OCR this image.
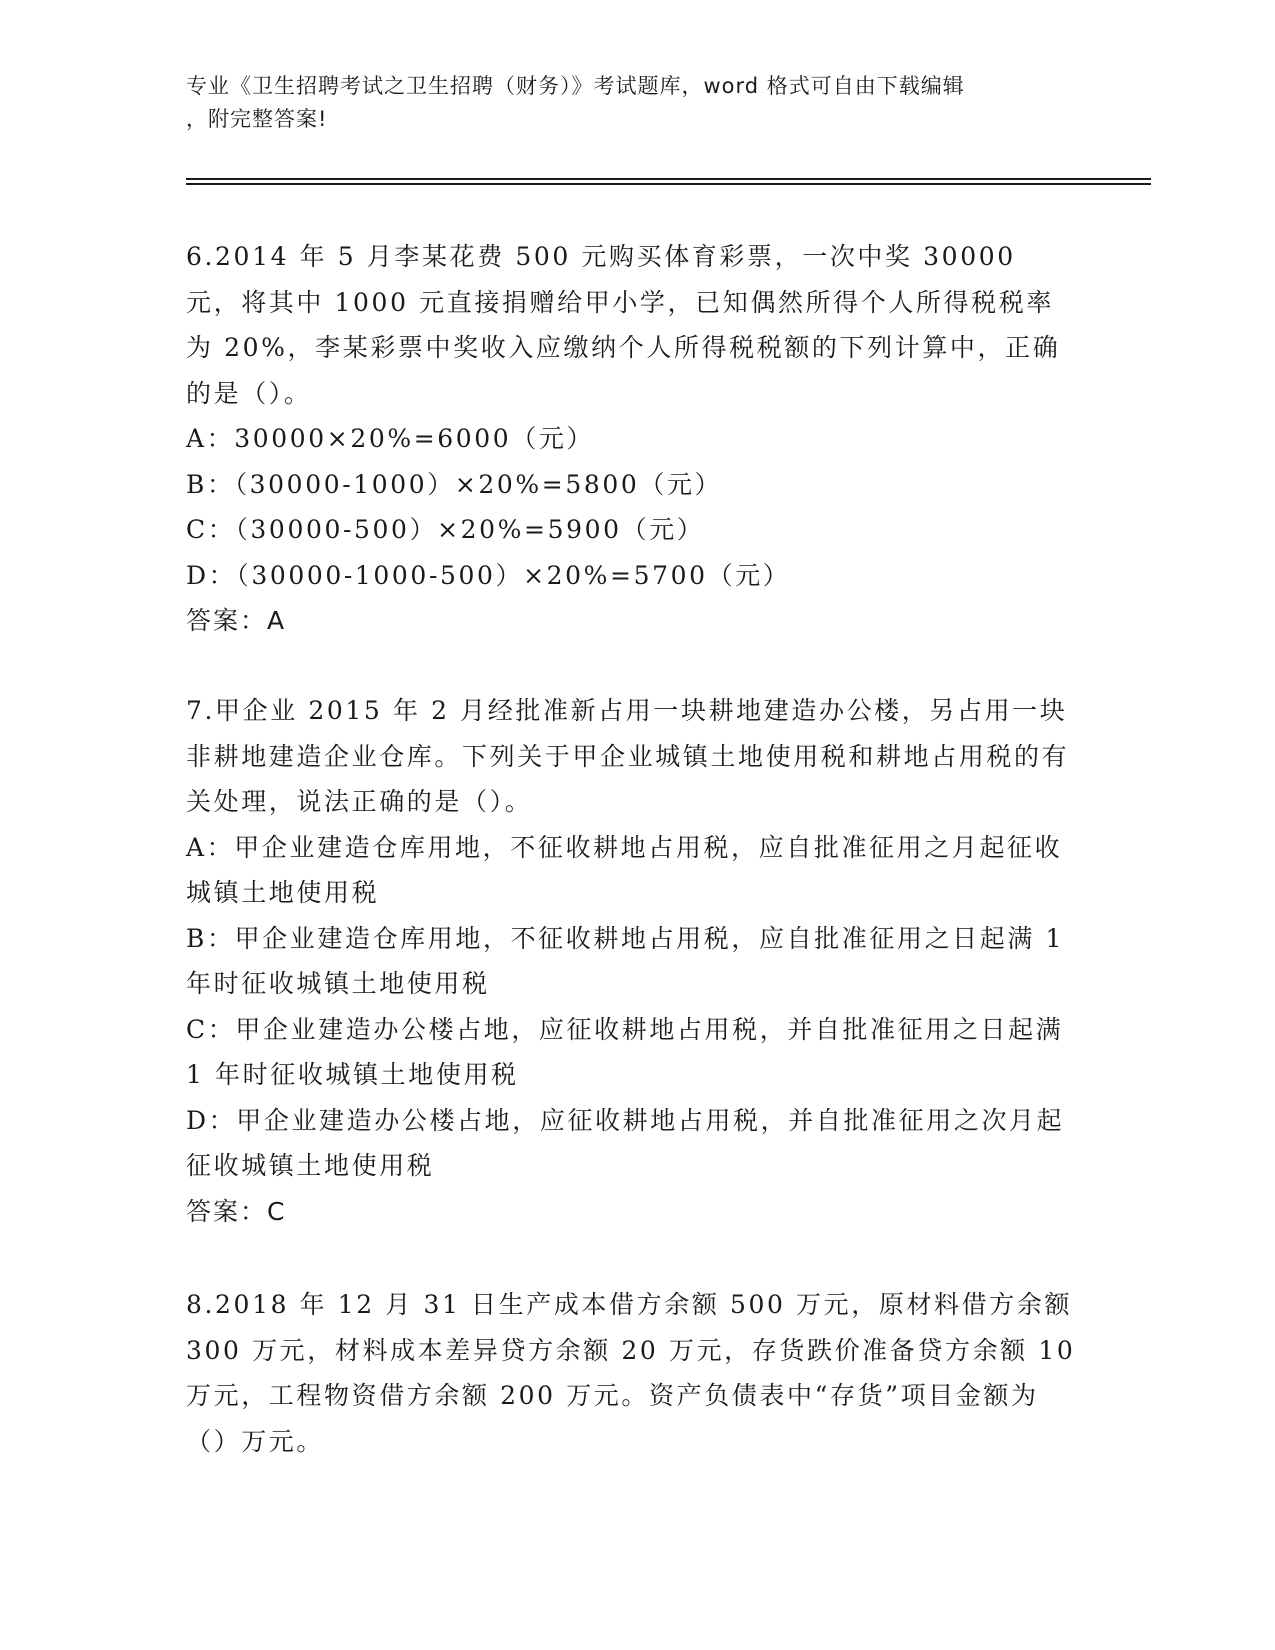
专业《卫生招聘考试之卫生招聘（财务）》考试题库，word 格式可自由下载编辑
，附完整答案!

6.2014 年 5 月李某花费 500 元购买体育彩票，一次中奖 30000 元，将其中 1000 元直接捐赠给甲小学，已知偶然所得个人所得税税率为 20%，李某彩票中奖收入应缴纳个人所得税税额的下列计算中，正确的是（）。

A：30000×20%=6000（元）

B：（30000-1000）×20%=5800（元）

C：（30000-500）×20%=5900（元）

D：（30000-1000-500）×20%=5700（元）

答案：A

7.甲企业 2015 年 2 月经批准新占用一块耕地建造办公楼，另占用一块非耕地建造企业仓库。下列关于甲企业城镇土地使用税和耕地占用税的有关处理，说法正确的是（）。

A：甲企业建造仓库用地，不征收耕地占用税，应自批准征用之月起征收城镇土地使用税

B：甲企业建造仓库用地，不征收耕地占用税，应自批准征用之日起满 1 年时征收城镇土地使用税

C：甲企业建造办公楼占地，应征收耕地占用税，并自批准征用之日起满 1 年时征收城镇土地使用税

D：甲企业建造办公楼占地，应征收耕地占用税，并自批准征用之次月起征收城镇土地使用税

答案：C

8.2018 年 12 月 31 日生产成本借方余额 500 万元，原材料借方余额 300 万元，材料成本差异贷方余额 20 万元，存货跌价准备贷方余额 10 万元，工程物资借方余额 200 万元。资产负债表中“存货”项目金额为（）万元。
